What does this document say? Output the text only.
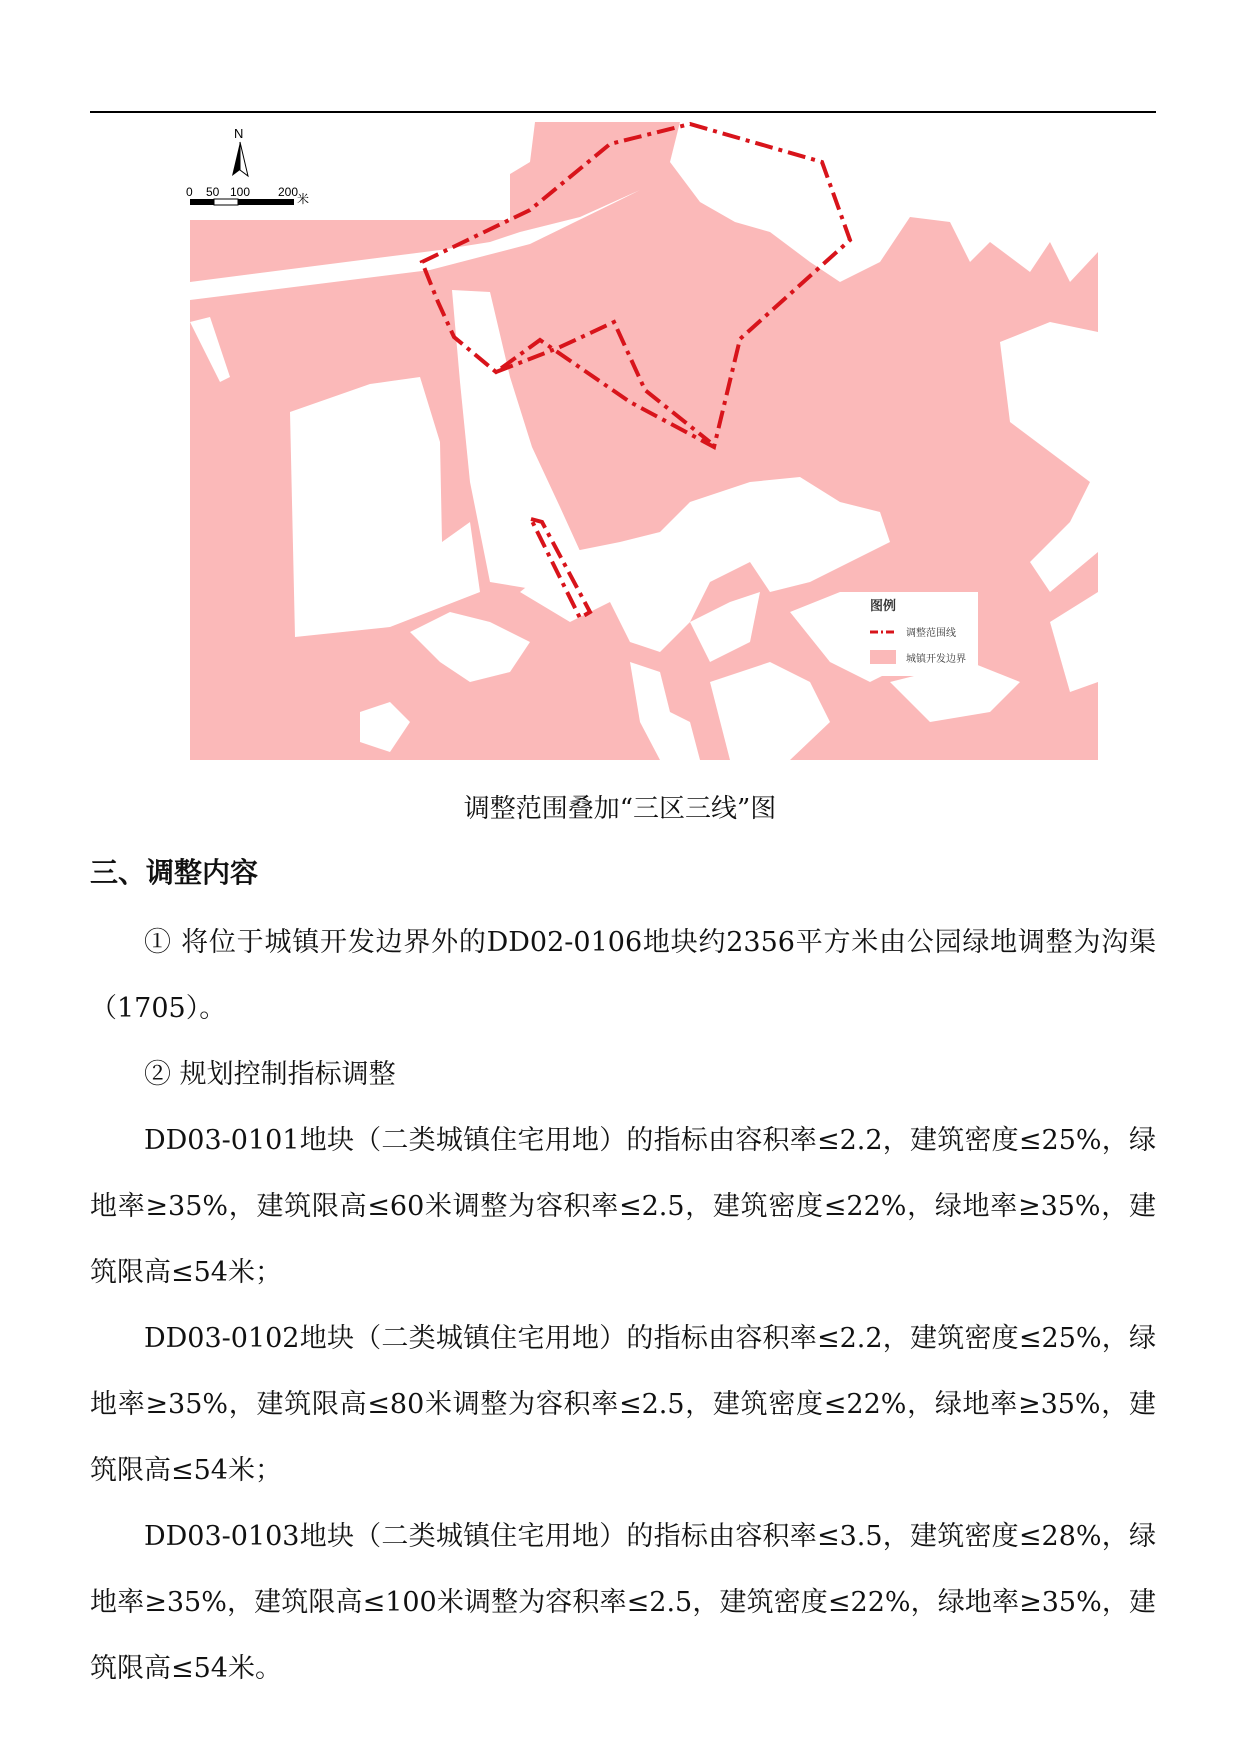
N
0 50 100 200
米
图例
调整范围线
城镇开发边界
调整范围叠加“三区三线”图
三、调整内容

① 将位于城镇开发边界外的DD02-0106地块约2356平方米由公园绿地调整为沟渠（1705）。

② 规划控制指标调整

DD03-0101地块（二类城镇住宅用地）的指标由容积率≤2.2，建筑密度≤25%，绿地率≥35%，建筑限高≤60米调整为容积率≤2.5，建筑密度≤22%，绿地率≥35%，建筑限高≤54米；

DD03-0102地块（二类城镇住宅用地）的指标由容积率≤2.2，建筑密度≤25%，绿地率≥35%，建筑限高≤80米调整为容积率≤2.5，建筑密度≤22%，绿地率≥35%，建筑限高≤54米；

DD03-0103地块（二类城镇住宅用地）的指标由容积率≤3.5，建筑密度≤28%，绿地率≥35%，建筑限高≤100米调整为容积率≤2.5，建筑密度≤22%，绿地率≥35%，建筑限高≤54米。
